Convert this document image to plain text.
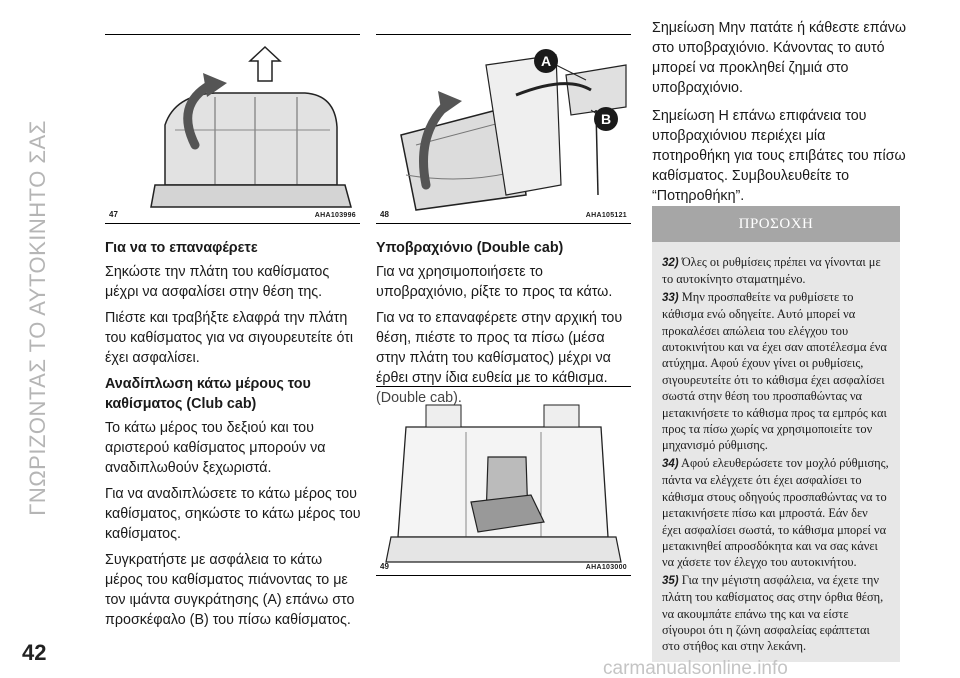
ΓΝΩΡΙΖΟΝΤΑΣ ΤΟ ΑΥΤΟΚΙΝΗΤΟ ΣΑΣ
42
47	AHA103996
A
B
48	AHA105121
49	AHA103000
Για να το επαναφέρετε

Σηκώστε την πλάτη του καθίσματος μέχρι να ασφαλίσει στην θέση της.

Πιέστε και τραβήξτε ελαφρά την πλάτη του καθίσματος για να σιγουρευτείτε ότι έχει ασφαλίσει.

Αναδίπλωση κάτω μέρους του καθίσματος (Club cab)

Το κάτω μέρος του δεξιού και του αριστερού καθίσματος μπορούν να αναδιπλωθούν ξεχωριστά.

Για να αναδιπλώσετε το κάτω μέρος του καθίσματος, σηκώστε το κάτω μέρος του καθίσματος.

Συγκρατήστε με ασφάλεια το κάτω μέρος του καθίσματος πιάνοντας το με τον ιμάντα συγκράτησης (A) επάνω στο προσκέφαλο (B) του πίσω καθίσματος.

Υποβραχιόνιο (Double cab)

Για να χρησιμοποιήσετε το υποβραχιόνιο, ρίξτε το προς τα κάτω.

Για να το επαναφέρετε στην αρχική του θέση, πιέστε το προς τα πίσω (μέσα στην πλάτη του καθίσματος) μέχρι να έρθει στην ίδια ευθεία με το κάθισμα.

(Double cab).

Σημείωση Μην πατάτε ή κάθεστε επάνω στο υποβραχιόνιο. Κάνοντας το αυτό μπορεί να προκληθεί ζημιά στο υποβραχιόνιο.

Σημείωση Η επάνω επιφάνεια του υποβραχιόνιου περιέχει μία ποτηροθήκη για τους επιβάτες του πίσω καθίσματος. Συμβουλευθείτε το “Ποτηροθήκη”.

ΠΡΟΣΟΧΗ

32) Όλες οι ρυθμίσεις πρέπει να γίνονται με το αυτοκίνητο σταματημένο.

33) Μην προσπαθείτε να ρυθμίσετε το κάθισμα ενώ οδηγείτε. Αυτό μπορεί να προκαλέσει απώλεια του ελέγχου του αυτοκινήτου και να έχει σαν αποτέλεσμα ένα ατύχημα. Αφού έχουν γίνει οι ρυθμίσεις, σιγουρευτείτε ότι το κάθισμα έχει ασφαλίσει σωστά στην θέση του προσπαθώντας να μετακινήσετε το κάθισμα προς τα εμπρός και προς τα πίσω χωρίς να χρησιμοποιείτε τον μηχανισμό ρύθμισης.

34) Αφού ελευθερώσετε τον μοχλό ρύθμισης, πάντα να ελέγχετε ότι έχει ασφαλίσει το κάθισμα στους οδηγούς προσπαθώντας να το μετακινήσετε πίσω και μπροστά. Εάν δεν έχει ασφαλίσει σωστά, το κάθισμα μπορεί να μετακινηθεί απροσδόκητα και να σας κάνει να χάσετε τον έλεγχο του αυτοκινήτου.

35) Για την μέγιστη ασφάλεια, να έχετε την πλάτη του καθίσματος σας στην όρθια θέση, να ακουμπάτε επάνω της και να είστε σίγουροι ότι η ζώνη ασφαλείας εφάπτεται στο στήθος και στην λεκάνη.

carmanualsonline.info
